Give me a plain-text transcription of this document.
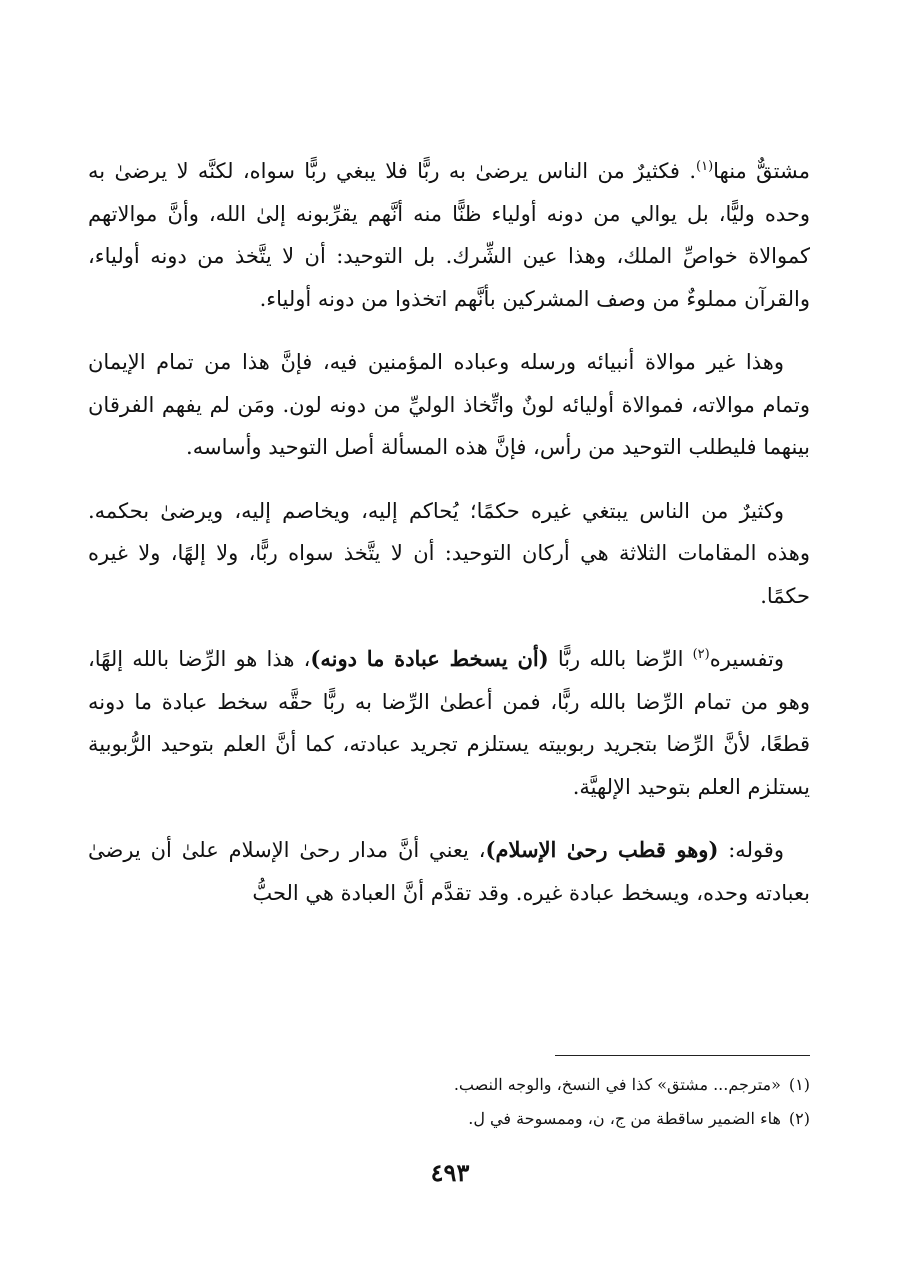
مشتقٌّ منها$^{(١)}$. فكثيرٌ من الناس يرضىٰ به ربًّا فلا يبغي ربًّا سواه، لكنَّه لا يرضىٰ به وحده وليًّا، بل يوالي من دونه أولياء ظنًّا منه أنَّهم يقرِّبونه إلىٰ الله، وأنَّ موالاتهم كموالاة خواصِّ الملك، وهذا عين الشِّرك. بل التوحيد: أن لا يتَّخذ من دونه أولياء، والقرآن مملوءٌ من وصف المشركين بأنَّهم اتخذوا من دونه أولياء.

وهذا غير موالاة أنبيائه ورسله وعباده المؤمنين فيه، فإنَّ هذا من تمام الإيمان وتمام موالاته، فموالاة أوليائه لونٌ واتِّخاذ الوليِّ من دونه لون. ومَن لم يفهم الفرقان بينهما فليطلب التوحيد من رأس، فإنَّ هذه المسألة أصل التوحيد وأساسه.

وكثيرٌ من الناس يبتغي غيره حكمًا؛ يُحاكم إليه، ويخاصم إليه، ويرضىٰ بحكمه. وهذه المقامات الثلاثة هي أركان التوحيد: أن لا يتَّخذ سواه ربًّا، ولا إلهًا، ولا غيره حكمًا.

وتفسيره$^{(٢)}$ الرِّضا بالله ربًّا (أن يسخط عبادة ما دونه)، هذا هو الرِّضا بالله إلهًا، وهو من تمام الرِّضا بالله ربًّا، فمن أعطىٰ الرِّضا به ربًّا حقَّه سخط عبادة ما دونه قطعًا، لأنَّ الرِّضا بتجريد ربوبيته يستلزم تجريد عبادته، كما أنَّ العلم بتوحيد الرُّبوبية يستلزم العلم بتوحيد الإلهيَّة.

وقوله: (وهو قطب رحىٰ الإسلام)، يعني أنَّ مدار رحىٰ الإسلام علىٰ أن يرضىٰ بعبادته وحده، ويسخط عبادة غيره. وقد تقدَّم أنَّ العبادة هي الحبُّ

(١)«مترجم... مشتق» كذا في النسخ، والوجه النصب.

(٢)هاء الضمير ساقطة من ج، ن، وممسوحة في ل.

٤٩٣
